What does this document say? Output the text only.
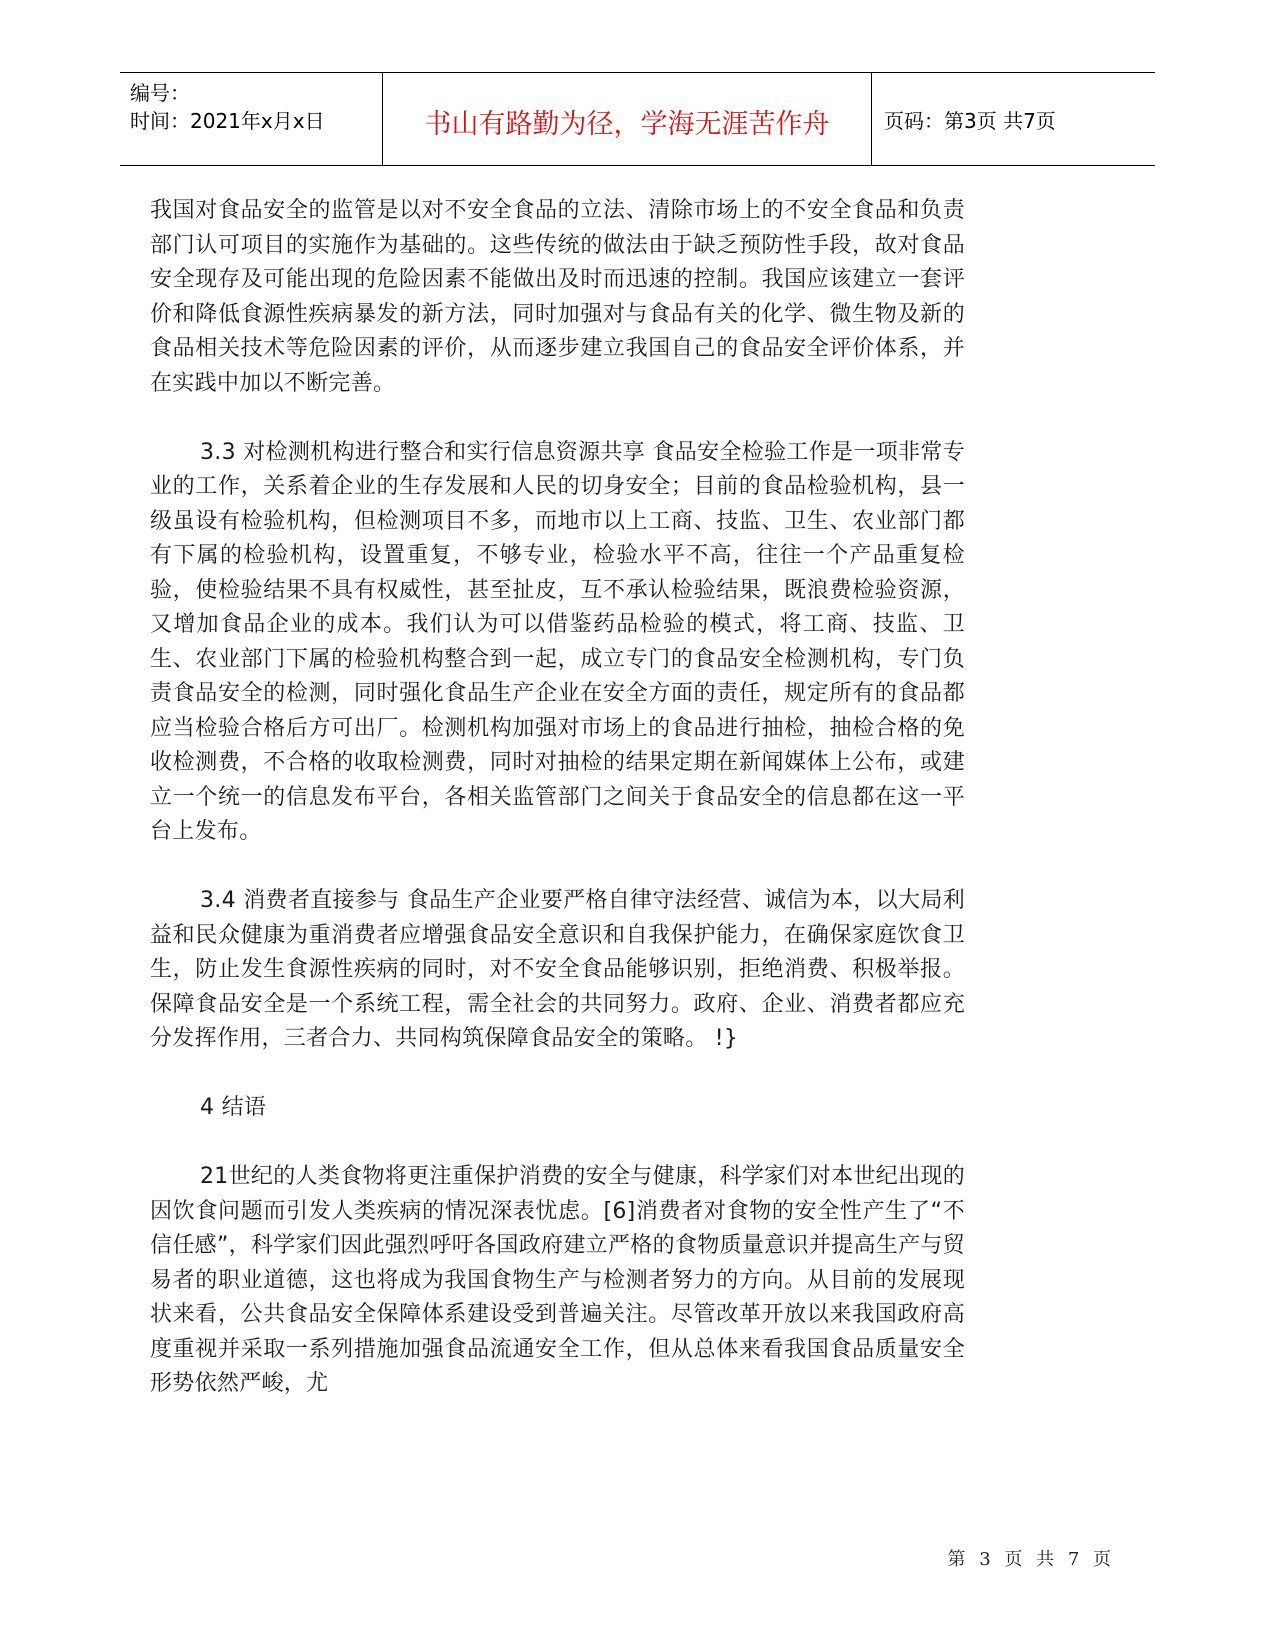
编号：
时间：2021年x月x日	书山有路勤为径，学海无涯苦作舟	页码：第3页 共7页

我国对食品安全的监管是以对不安全食品的立法、清除市场上的不安全食品和负责部门认可项目的实施作为基础的。这些传统的做法由于缺乏预防性手段，故对食品安全现存及可能出现的危险因素不能做出及时而迅速的控制。我国应该建立一套评价和降低食源性疾病暴发的新方法，同时加强对与食品有关的化学、微生物及新的食品相关技术等危险因素的评价，从而逐步建立我国自己的食品安全评价体系，并在实践中加以不断完善。

3.3 对检测机构进行整合和实行信息资源共享 食品安全检验工作是一项非常专业的工作，关系着企业的生存发展和人民的切身安全；目前的食品检验机构，县一级虽设有检验机构，但检测项目不多，而地市以上工商、技监、卫生、农业部门都有下属的检验机构，设置重复，不够专业，检验水平不高，往往一个产品重复检验，使检验结果不具有权威性，甚至扯皮，互不承认检验结果，既浪费检验资源，又增加食品企业的成本。我们认为可以借鉴药品检验的模式，将工商、技监、卫生、农业部门下属的检验机构整合到一起，成立专门的食品安全检测机构，专门负责食品安全的检测，同时强化食品生产企业在安全方面的责任，规定所有的食品都应当检验合格后方可出厂。检测机构加强对市场上的食品进行抽检，抽检合格的免收检测费，不合格的收取检测费，同时对抽检的结果定期在新闻媒体上公布，或建立一个统一的信息发布平台，各相关监管部门之间关于食品安全的信息都在这一平台上发布。

3.4 消费者直接参与 食品生产企业要严格自律守法经营、诚信为本，以大局利益和民众健康为重消费者应增强食品安全意识和自我保护能力，在确保家庭饮食卫生，防止发生食源性疾病的同时，对不安全食品能够识别，拒绝消费、积极举报。保障食品安全是一个系统工程，需全社会的共同努力。政府、企业、消费者都应充分发挥作用，三者合力、共同构筑保障食品安全的策略。 !}

4 结语

21世纪的人类食物将更注重保护消费的安全与健康，科学家们对本世纪出现的因饮食问题而引发人类疾病的情况深表忧虑。[6]消费者对食物的安全性产生了“不信任感”，科学家们因此强烈呼吁各国政府建立严格的食物质量意识并提高生产与贸易者的职业道德，这也将成为我国食物生产与检测者努力的方向。从目前的发展现状来看，公共食品安全保障体系建设受到普遍关注。尽管改革开放以来我国政府高度重视并采取一系列措施加强食品流通安全工作，但从总体来看我国食品质量安全形势依然严峻，尤

第 3 页 共 7 页
